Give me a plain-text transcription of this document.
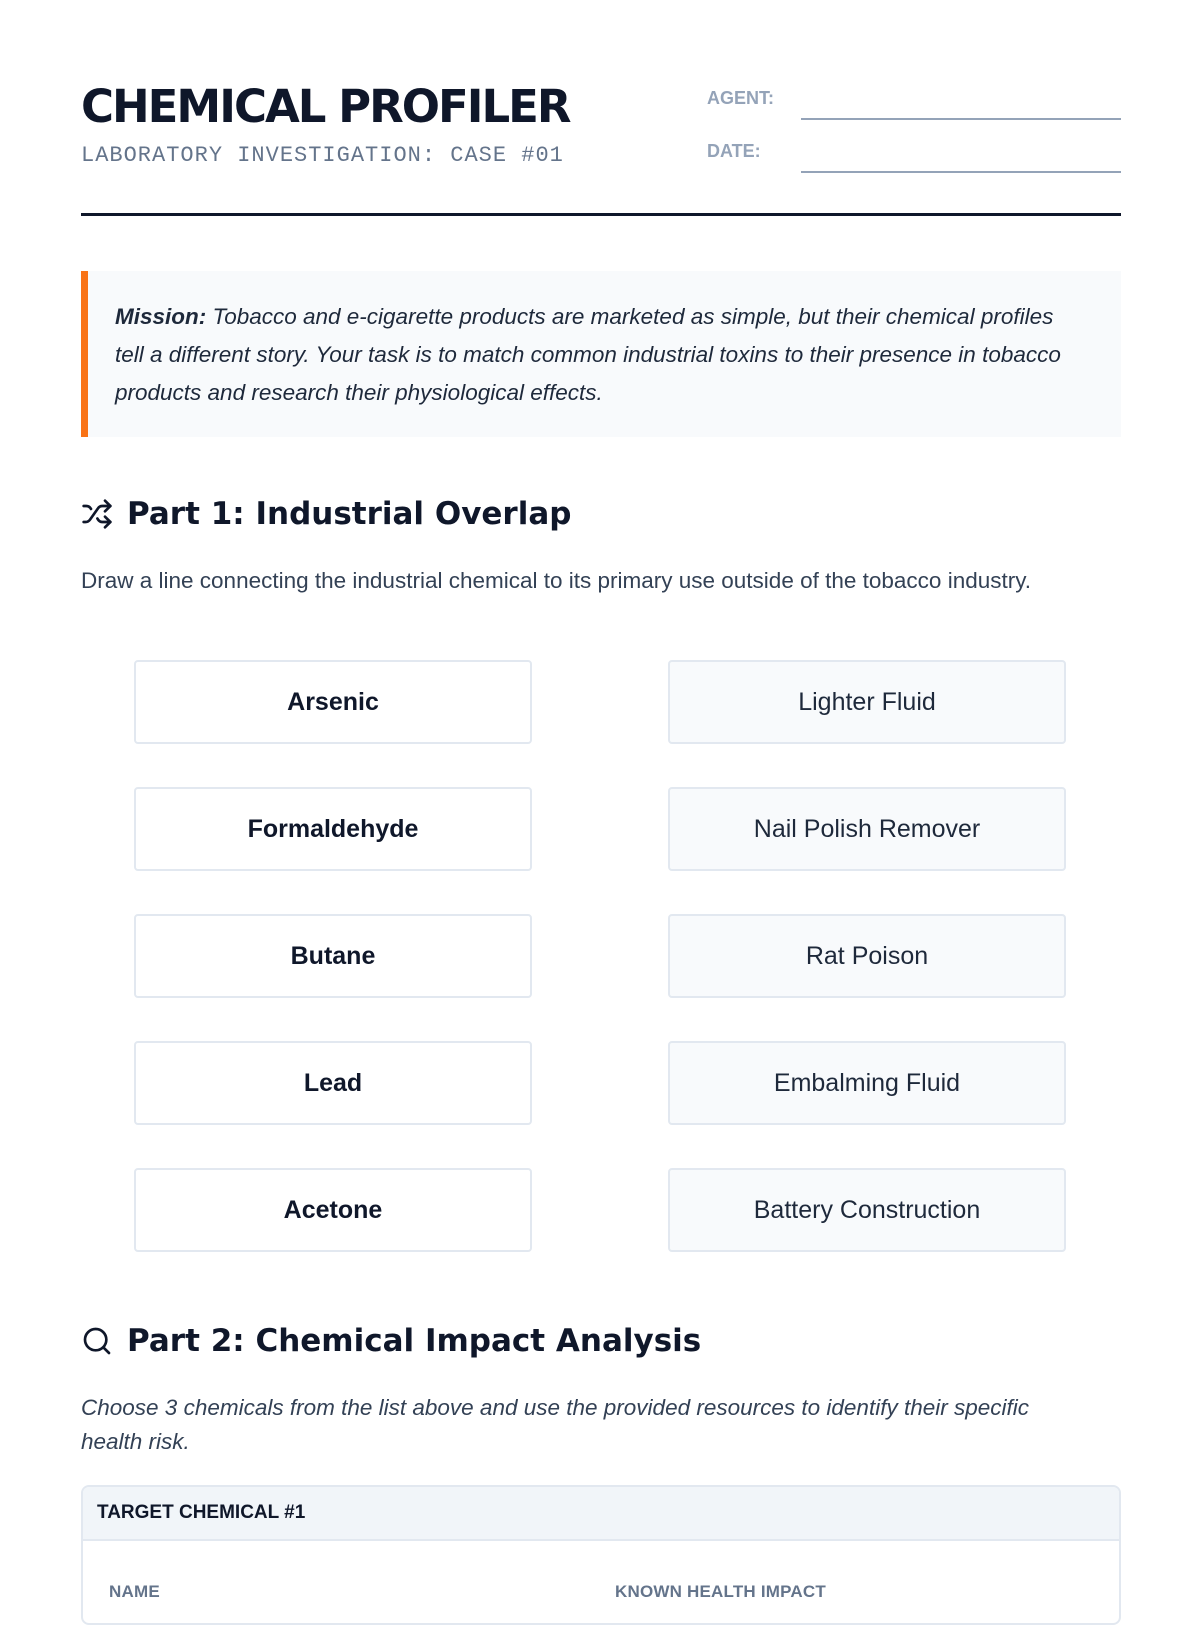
CHEMICAL PROFILER
LABORATORY INVESTIGATION: CASE #01
AGENT:
DATE:
Mission: Tobacco and e-cigarette products are marketed as simple, but their chemical profiles tell a different story. Your task is to match common industrial toxins to their presence in tobacco products and research their physiological effects.
Part 1: Industrial Overlap
Draw a line connecting the industrial chemical to its primary use outside of the tobacco industry.
Arsenic
Formaldehyde
Butane
Lead
Acetone
Lighter Fluid
Nail Polish Remover
Rat Poison
Embalming Fluid
Battery Construction
Part 2: Chemical Impact Analysis
Choose 3 chemicals from the list above and use the provided resources to identify their specific health risk.
TARGET CHEMICAL #1
NAME	KNOWN HEALTH IMPACT
